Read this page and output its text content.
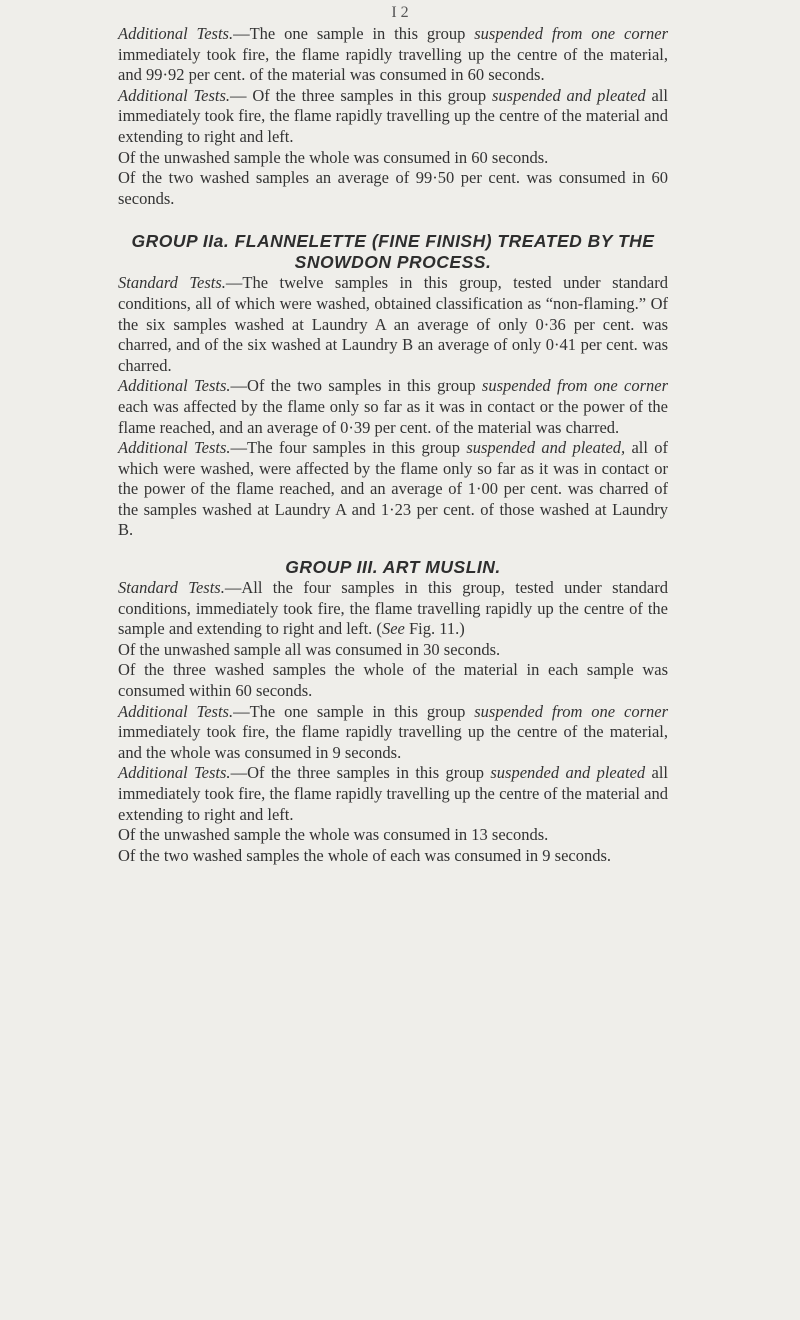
I 2

Additional Tests.—The one sample in this group suspended from one corner immediately took fire, the flame rapidly travelling up the centre of the material, and 99·92 per cent. of the material was consumed in 60 seconds.

Additional Tests.— Of the three samples in this group suspended and pleated all immediately took fire, the flame rapidly travelling up the centre of the material and extending to right and left.

Of the unwashed sample the whole was consumed in 60 seconds.

Of the two washed samples an average of 99·50 per cent. was consumed in 60 seconds.

GROUP IIa. FLANNELETTE (FINE FINISH) TREATED BY THE SNOWDON PROCESS.

Standard Tests.—The twelve samples in this group, tested under standard conditions, all of which were washed, obtained classification as “non-flaming.” Of the six samples washed at Laundry A an average of only 0·36 per cent. was charred, and of the six washed at Laundry B an average of only 0·41 per cent. was charred.

Additional Tests.—Of the two samples in this group suspended from one corner each was affected by the flame only so far as it was in contact or the power of the flame reached, and an average of 0·39 per cent. of the material was charred.

Additional Tests.—The four samples in this group suspended and pleated, all of which were washed, were affected by the flame only so far as it was in contact or the power of the flame reached, and an average of 1·00 per cent. was charred of the samples washed at Laundry A and 1·23 per cent. of those washed at Laundry B.

GROUP III. ART MUSLIN.

Standard Tests.—All the four samples in this group, tested under standard conditions, immediately took fire, the flame travelling rapidly up the centre of the sample and extending to right and left. (See Fig. 11.)

Of the unwashed sample all was consumed in 30 seconds.

Of the three washed samples the whole of the material in each sample was consumed within 60 seconds.

Additional Tests.—The one sample in this group suspended from one corner immediately took fire, the flame rapidly travelling up the centre of the material, and the whole was consumed in 9 seconds.

Additional Tests.—Of the three samples in this group suspended and pleated all immediately took fire, the flame rapidly travelling up the centre of the material and extending to right and left.

Of the unwashed sample the whole was consumed in 13 seconds.

Of the two washed samples the whole of each was consumed in 9 seconds.
